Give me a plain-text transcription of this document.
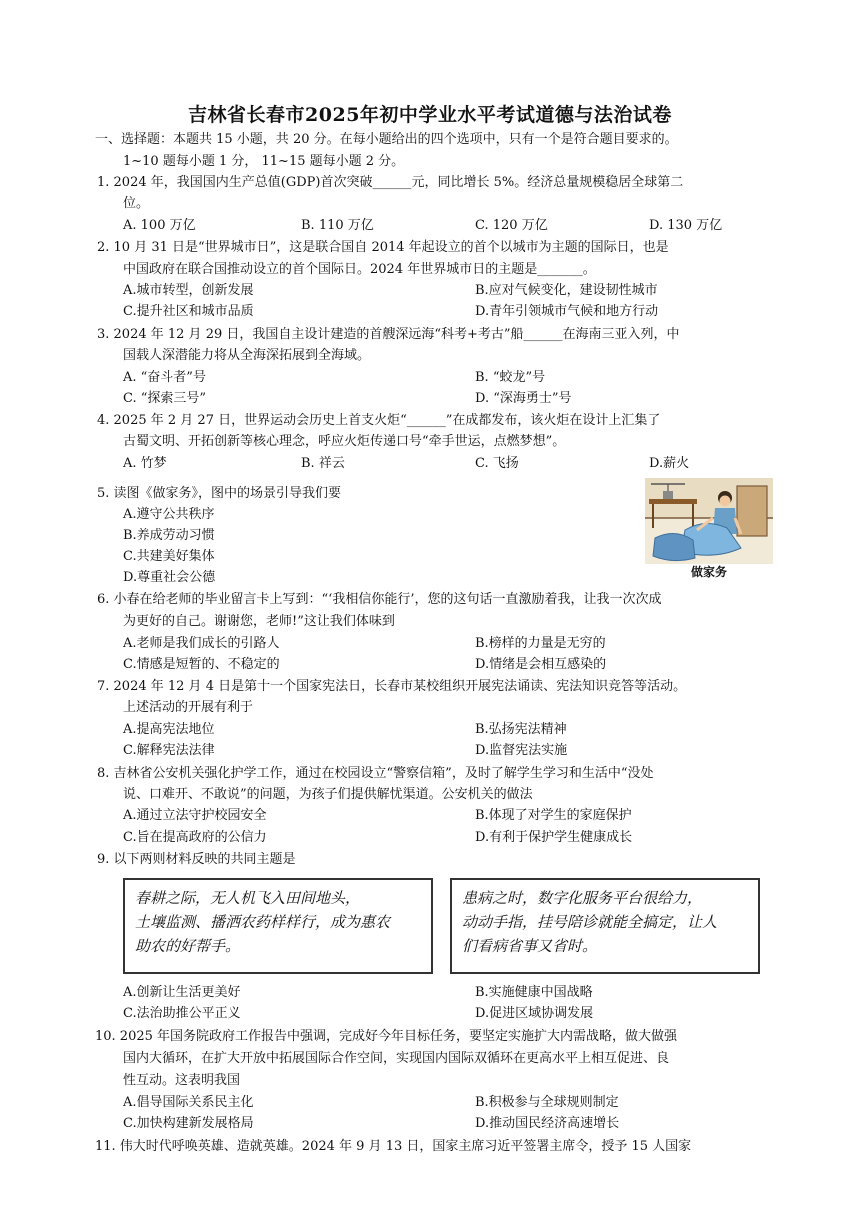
吉林省长春市2025年初中学业水平考试道德与法治试卷
一、选择题：本题共 15 小题，共 20 分。在每小题给出的四个选项中，只有一个是符合题目要求的。
1~10 题每小题 1 分， 11~15 题每小题 2 分。
1. 2024 年，我国国内生产总值(GDP)首次突破______元，同比增长 5%。经济总量规模稳居全球第二
位。
A. 100 万亿	B. 110 万亿	C. 120 万亿	D. 130 万亿
2. 10 月 31 日是“世界城市日”，这是联合国自 2014 年起设立的首个以城市为主题的国际日，也是
中国政府在联合国推动设立的首个国际日。2024 年世界城市日的主题是_______。
A.城市转型，创新发展	B.应对气候变化，建设韧性城市
C.提升社区和城市品质	D.青年引领城市气候和地方行动
3. 2024 年 12 月 29 日，我国自主设计建造的首艘深远海“科考+考古”船______在海南三亚入列，中
国载人深潜能力将从全海深拓展到全海域。
A. “奋斗者”号	B. “蛟龙”号
C. “探索三号”	D. “深海勇士”号
4. 2025 年 2 月 27 日，世界运动会历史上首支火炬“______”在成都发布，该火炬在设计上汇集了
古蜀文明、开拓创新等核心理念，呼应火炬传递口号“牵手世运，点燃梦想”。
A. 竹梦	B. 祥云	C. 飞扬	D.薪火
5. 读图《做家务》，图中的场景引导我们要
A.遵守公共秩序
B.养成劳动习惯
C.共建美好集体
D.尊重社会公德	做家务
6. 小春在给老师的毕业留言卡上写到：“‘我相信你能行’，您的这句话一直激励着我，让我一次次成
为更好的自己。谢谢您，老师!”这让我们体味到
A.老师是我们成长的引路人	B.榜样的力量是无穷的
C.情感是短暂的、不稳定的	D.情绪是会相互感染的
7. 2024 年 12 月 4 日是第十一个国家宪法日，长春市某校组织开展宪法诵读、宪法知识竞答等活动。
上述活动的开展有利于
A.提高宪法地位	B.弘扬宪法精神
C.解释宪法法律	D.监督宪法实施
8. 吉林省公安机关强化护学工作，通过在校园设立“警察信箱”，及时了解学生学习和生活中“没处
说、口难开、不敢说”的问题，为孩子们提供解忧渠道。公安机关的做法
A.通过立法守护校园安全	B.体现了对学生的家庭保护
C.旨在提高政府的公信力	D.有利于保护学生健康成长
9. 以下两则材料反映的共同主题是
春耕之际，无人机飞入田间地头，
土壤监测、播洒农药样样行，成为惠农
助农的好帮手。
患病之时，数字化服务平台很给力，
动动手指，挂号陪诊就能全搞定，让人
们看病省事又省时。
A.创新让生活更美好	B.实施健康中国战略
C.法治助推公平正义	D.促进区域协调发展
10. 2025 年国务院政府工作报告中强调，完成好今年目标任务，要坚定实施扩大内需战略，做大做强
国内大循环，在扩大开放中拓展国际合作空间，实现国内国际双循环在更高水平上相互促进、良
性互动。这表明我国
A.倡导国际关系民主化	B.积极参与全球规则制定
C.加快构建新发展格局	D.推动国民经济高速增长
11. 伟大时代呼唤英雄、造就英雄。2024 年 9 月 13 日，国家主席习近平签署主席令，授予 15 人国家
